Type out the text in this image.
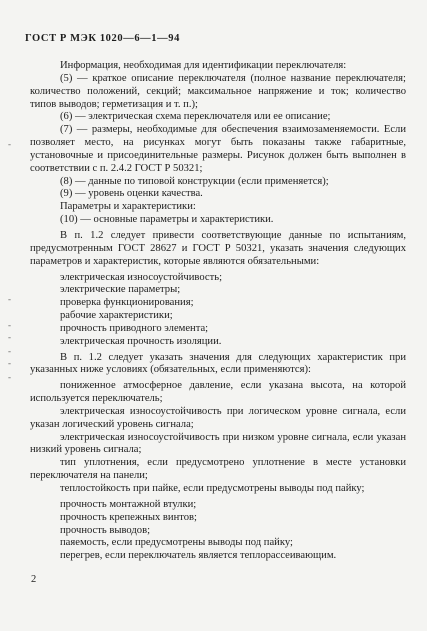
ГОСТ Р МЭК 1020—6—1—94
-
-
-
-
-
-
-

Информация, необходимая для идентификации переключателя:

(5) — краткое описание переключателя (полное название переключателя; количество положений, секций; максимальное напряжение и ток; количество типов выводов; герметизация и т. п.);

(6) — электрическая схема переключателя или ее описание;

(7) — размеры, необходимые для обеспечения взаимозаменяемости. Если позволяет место, на рисунках могут быть показаны также габаритные, установочные и присоединительные размеры. Рисунок должен быть выполнен в соответствии с п. 2.4.2 ГОСТ Р 50321;

(8) — данные по типовой конструкции (если применяется);

(9) — уровень оценки качества.

Параметры и характеристики:

(10) — основные параметры и характеристики.

В п. 1.2 следует привести соответствующие данные по испытаниям, предусмотренным ГОСТ 28627 и ГОСТ Р 50321, указать значения следующих параметров и характеристик, которые являются обязательными:

электрическая износоустойчивость;

электрические параметры;

проверка функционирования;

рабочие характеристики;

прочность приводного элемента;

электрическая прочность изоляции.

В п. 1.2 следует указать значения для следующих характеристик при указанных ниже условиях (обязательных, если применяются):

пониженное атмосферное давление, если указана высота, на которой используется переключатель;

электрическая износоустойчивость при логическом уровне сигнала, если указан логический уровень сигнала;

электрическая износоустойчивость при низком уровне сигнала, если указан низкий уровень сигнала;

тип уплотнения, если предусмотрено уплотнение в месте установки переключателя на панели;

теплостойкость при пайке, если предусмотрены выводы под пайку;

прочность монтажной втулки;

прочность крепежных винтов;

прочность выводов;

паяемость, если предусмотрены выводы под пайку;

перегрев, если переключатель является теплорассеивающим.

2
